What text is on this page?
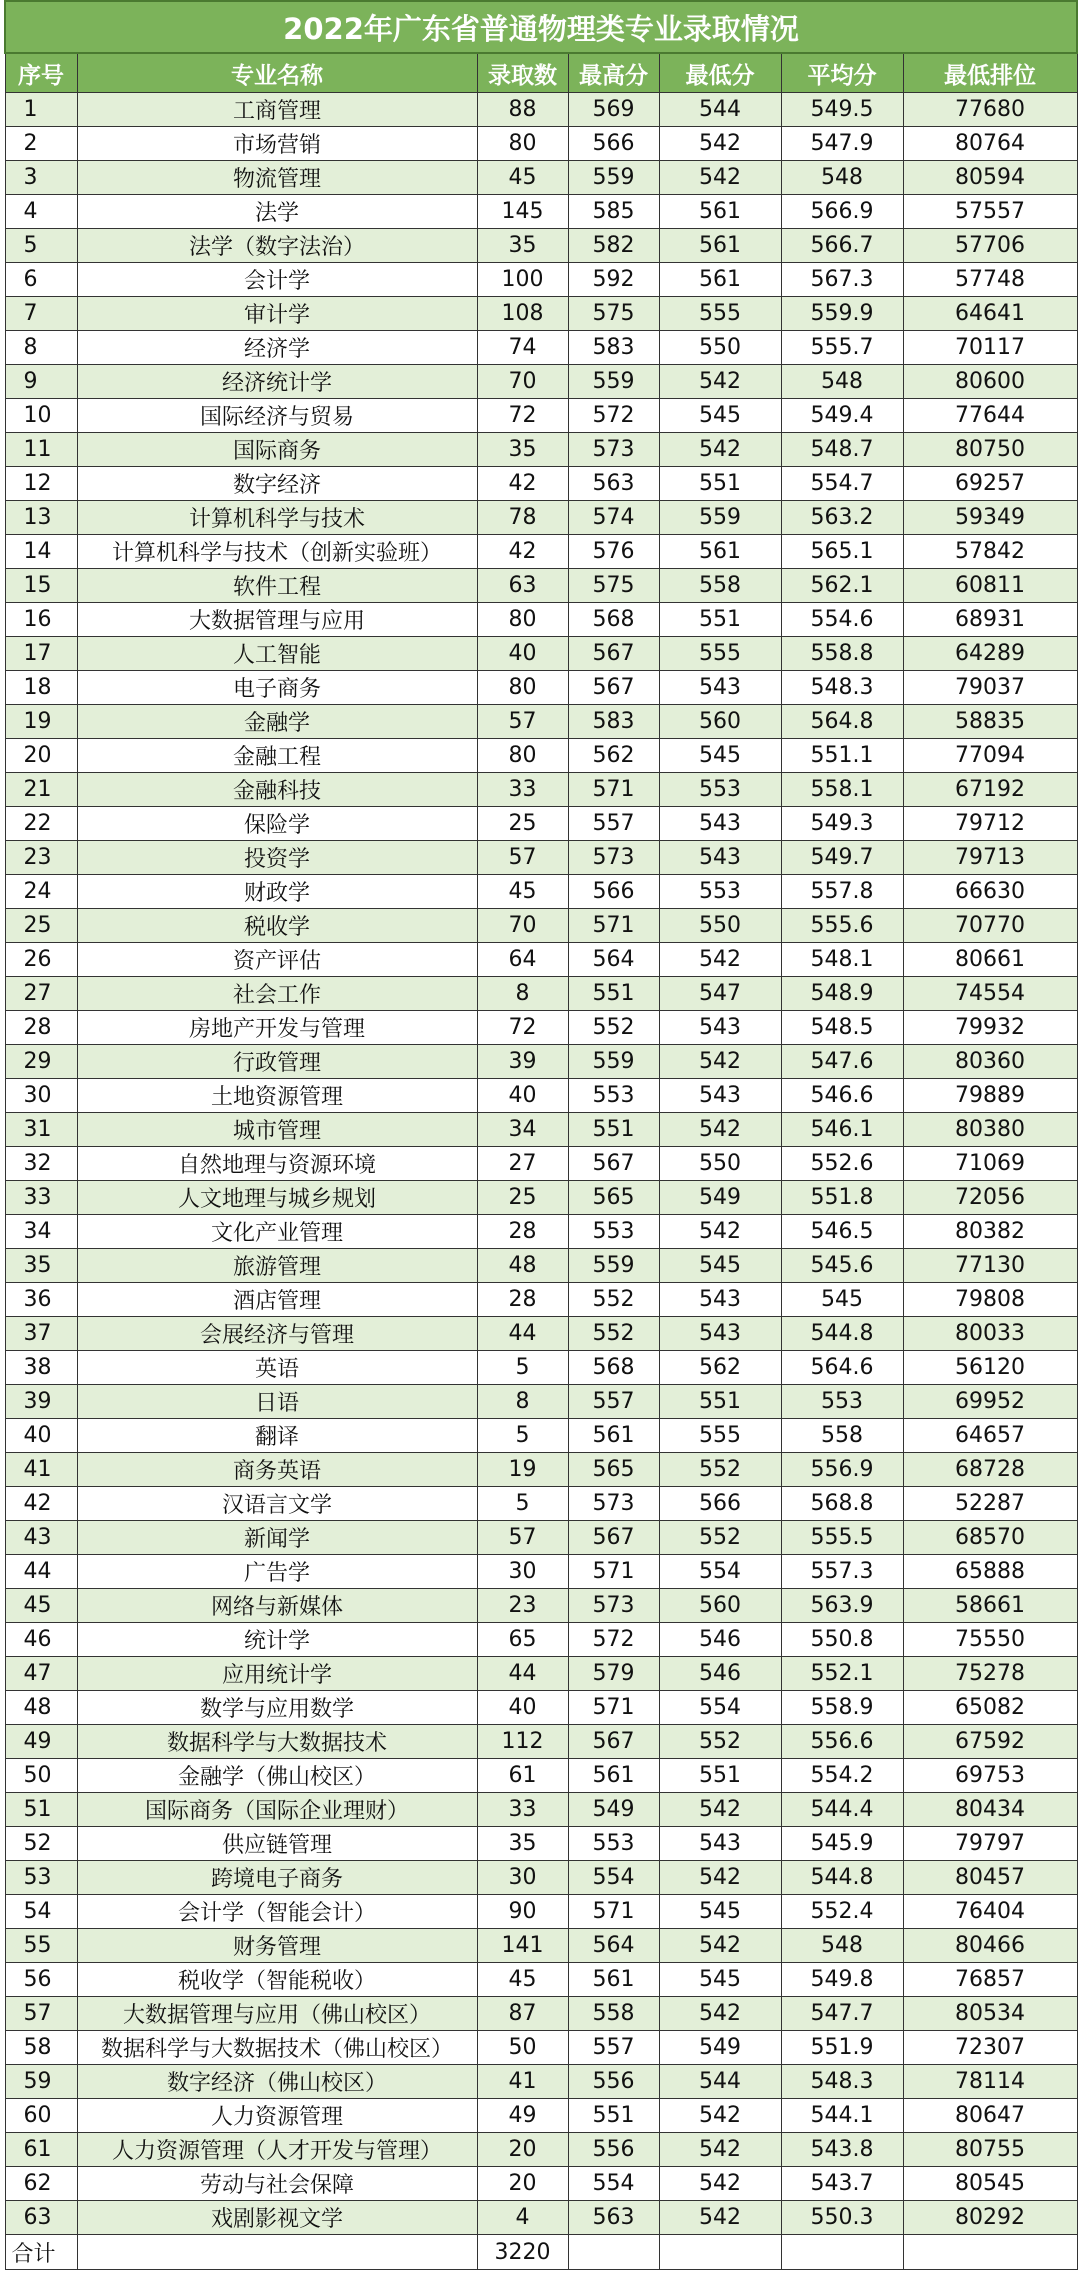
2022年广东省普通物理类专业录取情况						
序号	专业名称	录取数	最高分	最低分	平均分	最低排位
1	工商管理	88	569	544	549.5	77680
2	市场营销	80	566	542	547.9	80764
3	物流管理	45	559	542	548	80594
4	法学	145	585	561	566.9	57557
5	法学（数字法治）	35	582	561	566.7	57706
6	会计学	100	592	561	567.3	57748
7	审计学	108	575	555	559.9	64641
8	经济学	74	583	550	555.7	70117
9	经济统计学	70	559	542	548	80600
10	国际经济与贸易	72	572	545	549.4	77644
11	国际商务	35	573	542	548.7	80750
12	数字经济	42	563	551	554.7	69257
13	计算机科学与技术	78	574	559	563.2	59349
14	计算机科学与技术（创新实验班）	42	576	561	565.1	57842
15	软件工程	63	575	558	562.1	60811
16	大数据管理与应用	80	568	551	554.6	68931
17	人工智能	40	567	555	558.8	64289
18	电子商务	80	567	543	548.3	79037
19	金融学	57	583	560	564.8	58835
20	金融工程	80	562	545	551.1	77094
21	金融科技	33	571	553	558.1	67192
22	保险学	25	557	543	549.3	79712
23	投资学	57	573	543	549.7	79713
24	财政学	45	566	553	557.8	66630
25	税收学	70	571	550	555.6	70770
26	资产评估	64	564	542	548.1	80661
27	社会工作	8	551	547	548.9	74554
28	房地产开发与管理	72	552	543	548.5	79932
29	行政管理	39	559	542	547.6	80360
30	土地资源管理	40	553	543	546.6	79889
31	城市管理	34	551	542	546.1	80380
32	自然地理与资源环境	27	567	550	552.6	71069
33	人文地理与城乡规划	25	565	549	551.8	72056
34	文化产业管理	28	553	542	546.5	80382
35	旅游管理	48	559	545	545.6	77130
36	酒店管理	28	552	543	545	79808
37	会展经济与管理	44	552	543	544.8	80033
38	英语	5	568	562	564.6	56120
39	日语	8	557	551	553	69952
40	翻译	5	561	555	558	64657
41	商务英语	19	565	552	556.9	68728
42	汉语言文学	5	573	566	568.8	52287
43	新闻学	57	567	552	555.5	68570
44	广告学	30	571	554	557.3	65888
45	网络与新媒体	23	573	560	563.9	58661
46	统计学	65	572	546	550.8	75550
47	应用统计学	44	579	546	552.1	75278
48	数学与应用数学	40	571	554	558.9	65082
49	数据科学与大数据技术	112	567	552	556.6	67592
50	金融学（佛山校区）	61	561	551	554.2	69753
51	国际商务（国际企业理财）	33	549	542	544.4	80434
52	供应链管理	35	553	543	545.9	79797
53	跨境电子商务	30	554	542	544.8	80457
54	会计学（智能会计）	90	571	545	552.4	76404
55	财务管理	141	564	542	548	80466
56	税收学（智能税收）	45	561	545	549.8	76857
57	大数据管理与应用（佛山校区）	87	558	542	547.7	80534
58	数据科学与大数据技术（佛山校区）	50	557	549	551.9	72307
59	数字经济（佛山校区）	41	556	544	548.3	78114
60	人力资源管理	49	551	542	544.1	80647
61	人力资源管理（人才开发与管理）	20	556	542	543.8	80755
62	劳动与社会保障	20	554	542	543.7	80545
63	戏剧影视文学	4	563	542	550.3	80292
合计		3220				
